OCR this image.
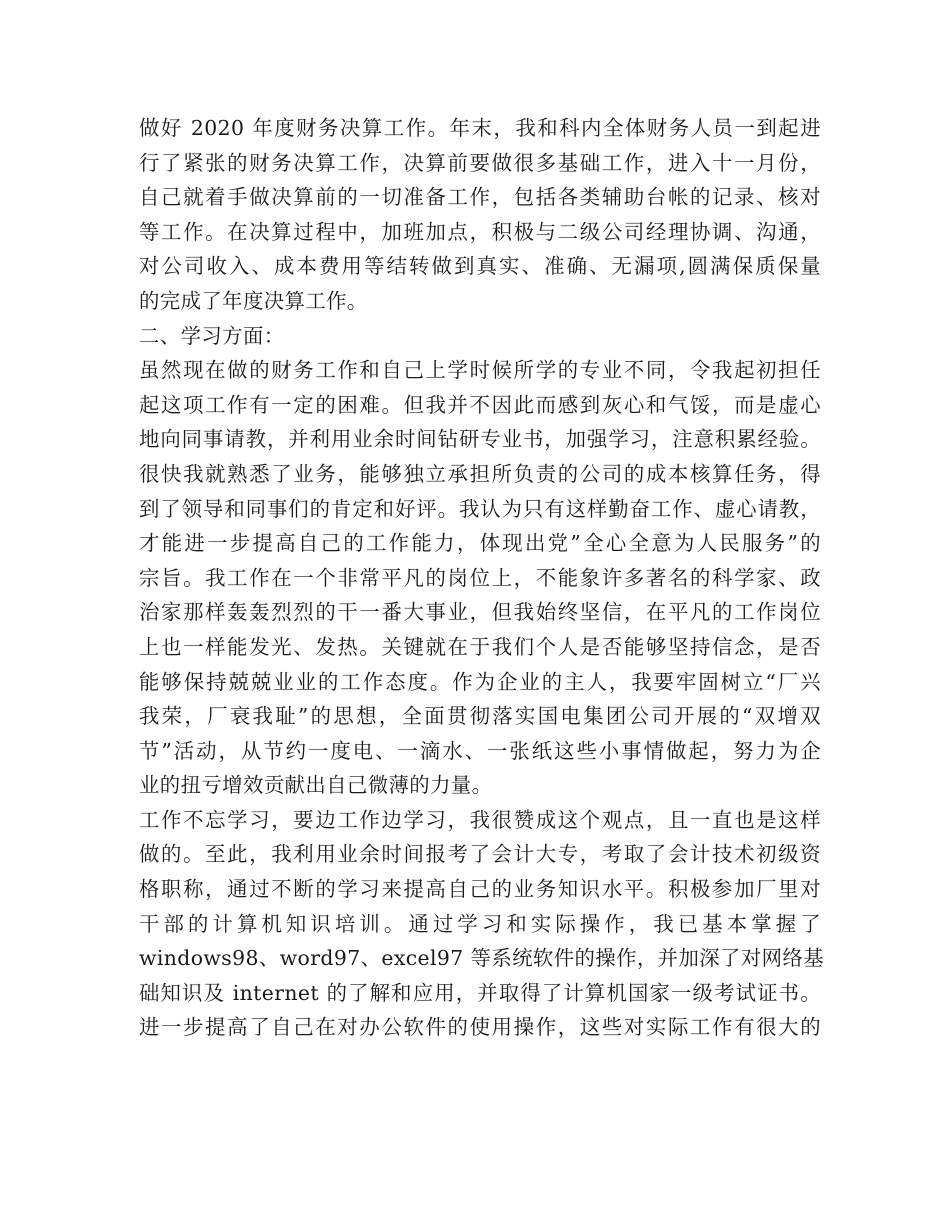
做好 2020 年度财务决算工作。年末，我和科内全体财务人员一到起进
行了紧张的财务决算工作，决算前要做很多基础工作，进入十一月份，
自己就着手做决算前的一切准备工作，包括各类辅助台帐的记录、核对
等工作。在决算过程中，加班加点，积极与二级公司经理协调、沟通，
对公司收入、成本费用等结转做到真实、准确、无漏项,圆满保质保量
的完成了年度决算工作。
二、学习方面：
虽然现在做的财务工作和自己上学时候所学的专业不同，令我起初担任
起这项工作有一定的困难。但我并不因此而感到灰心和气馁，而是虚心
地向同事请教，并利用业余时间钻研专业书，加强学习，注意积累经验。
很快我就熟悉了业务，能够独立承担所负责的公司的成本核算任务，得
到了领导和同事们的肯定和好评。我认为只有这样勤奋工作、虚心请教，
才能进一步提高自己的工作能力，体现出党”全心全意为人民服务”的
宗旨。我工作在一个非常平凡的岗位上，不能象许多著名的科学家、政
治家那样轰轰烈烈的干一番大事业，但我始终坚信，在平凡的工作岗位
上也一样能发光、发热。关键就在于我们个人是否能够坚持信念，是否
能够保持兢兢业业的工作态度。作为企业的主人，我要牢固树立“厂兴
我荣，厂衰我耻”的思想，全面贯彻落实国电集团公司开展的“双增双
节”活动，从节约一度电、一滴水、一张纸这些小事情做起，努力为企
业的扭亏增效贡献出自己微薄的力量。
工作不忘学习，要边工作边学习，我很赞成这个观点，且一直也是这样
做的。至此，我利用业余时间报考了会计大专，考取了会计技术初级资
格职称，通过不断的学习来提高自己的业务知识水平。积极参加厂里对
干部的计算机知识培训。通过学习和实际操作，我已基本掌握了
windows98、word97、excel97 等系统软件的操作，并加深了对网络基
础知识及 internet 的了解和应用，并取得了计算机国家一级考试证书。
进一步提高了自己在对办公软件的使用操作，这些对实际工作有很大的
